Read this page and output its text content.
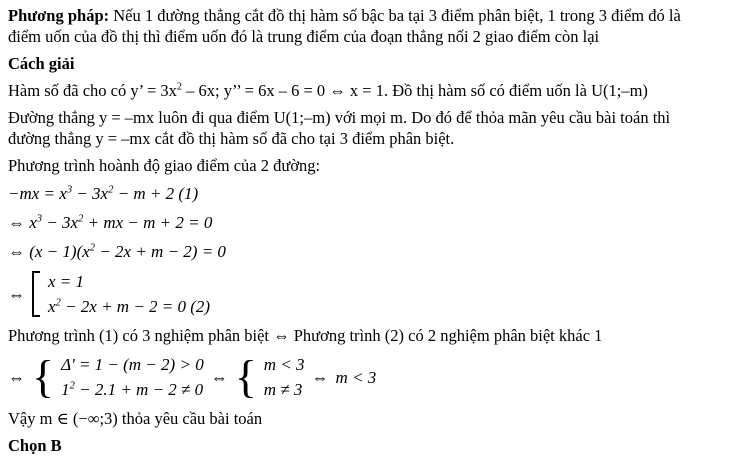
Phương pháp: Nếu 1 đường thẳng cắt đồ thị hàm số bậc ba tại 3 điểm phân biệt, 1 trong 3 điểm đó là điểm uốn của đồ thị thì điểm uốn đó là trung điểm của đoạn thẳng nối 2 giao điểm còn lại

Cách giải

Hàm số đã cho có y’ = $3x^2 - 6x$; y’’ = 6x – 6 = 0 ⇔ x = 1. Đồ thị hàm số có điểm uốn là U(1;–m)

Đường thẳng y = –mx luôn đi qua điểm U(1;–m) với mọi m. Do đó để thỏa mãn yêu cầu bài toán thì đường thẳng y = –mx cắt đồ thị hàm số đã cho tại 3 điểm phân biệt.

Phương trình hoành độ giao điểm của 2 đường:

$-mx = x^3 - 3x^2 - m + 2$ (1)
⇔ $x^3 - 3x^2$ + mx − m + 2 = 0
⇔ $(x - 1)(x^2 - 2x + m - 2) = 0$
⇔
x = 1
$x^2 - 2x + m - 2 = 0$ (2)

Phương trình (1) có 3 nghiệm phân biệt ⇔ Phương trình (2) có 2 nghiệm phân biệt khác 1

⇔ { Δ' = 1 − (m − 2) > 0
$1^2 - 2.1 + m - 2 \ne 0$
⇔ { m < 3
m ≠ 3
⇔ m < 3

Vậy m ∈ (−∞;3) thỏa yêu cầu bài toán

Chọn B
